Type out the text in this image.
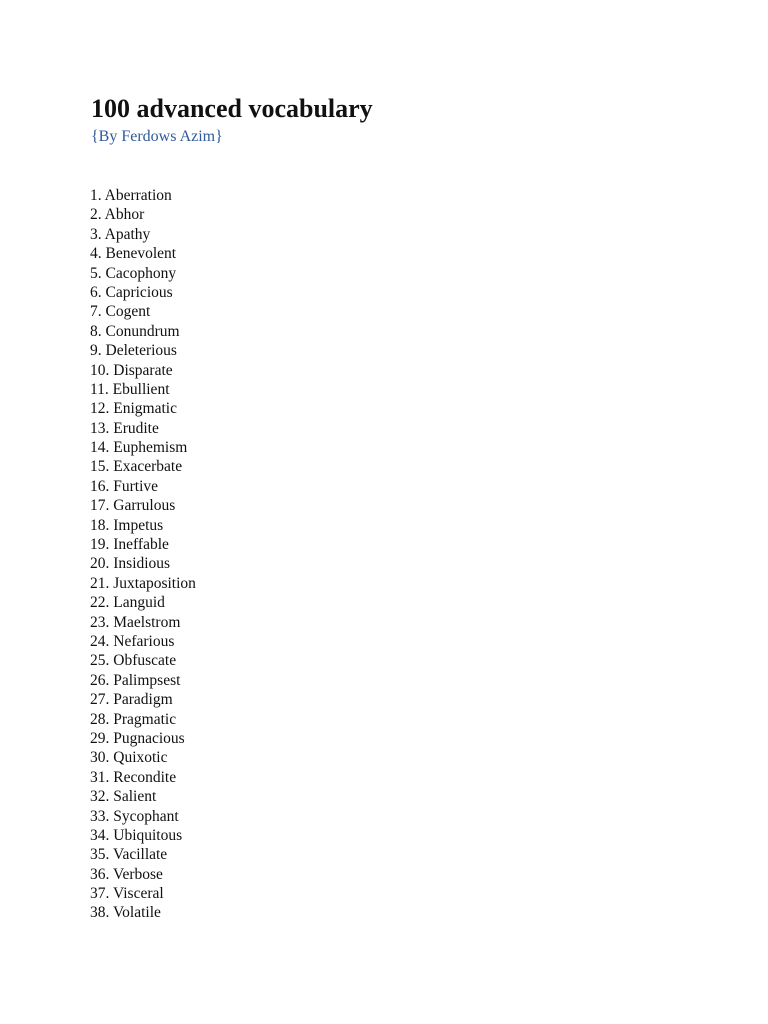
100 advanced vocabulary

{By Ferdows Azim}

1. Aberration
2. Abhor
3. Apathy
4. Benevolent
5. Cacophony
6. Capricious
7. Cogent
8. Conundrum
9. Deleterious
10. Disparate
11. Ebullient
12. Enigmatic
13. Erudite
14. Euphemism
15. Exacerbate
16. Furtive
17. Garrulous
18. Impetus
19. Ineffable
20. Insidious
21. Juxtaposition
22. Languid
23. Maelstrom
24. Nefarious
25. Obfuscate
26. Palimpsest
27. Paradigm
28. Pragmatic
29. Pugnacious
30. Quixotic
31. Recondite
32. Salient
33. Sycophant
34. Ubiquitous
35. Vacillate
36. Verbose
37. Visceral
38. Volatile
